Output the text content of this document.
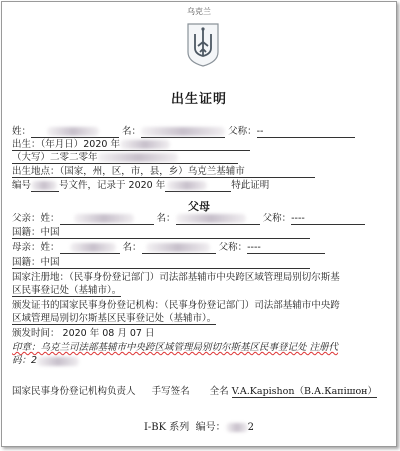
乌克兰
出生证明
姓：	名：	父称：--
出生：（年月日）2020 年
（大写）二零二零年
出生地点：（国家，州，区，市，县，乡）乌克兰基辅市
编号	号文件，记录于 2020 年	特此证明
父母
父亲：姓：	名：	父称：----
国籍：中国
母亲：姓：	名：	父称：----
国籍：中国
国家注册地：（民事身份登记部门）司法部基辅市中央跨区域管理局别切尔斯基
区民事登记处（基辅市）。
颁发证书的国家民事身份登记机构：（民事身份登记部门）司法部基辅市中央跨
区域管理局别切尔斯基区民事登记处（基辅市）。
颁发时间： 2020 年 08 月 07 日
印章：乌克兰司法部基辅市中央跨区域管理局别切尔斯基区民事登记处 注册代
码：2
国家民事身份登记机构负责人 手写签名 全名 V.A.Kapishon（В.А.Капішон）
I-BK 系列 编号： 2
